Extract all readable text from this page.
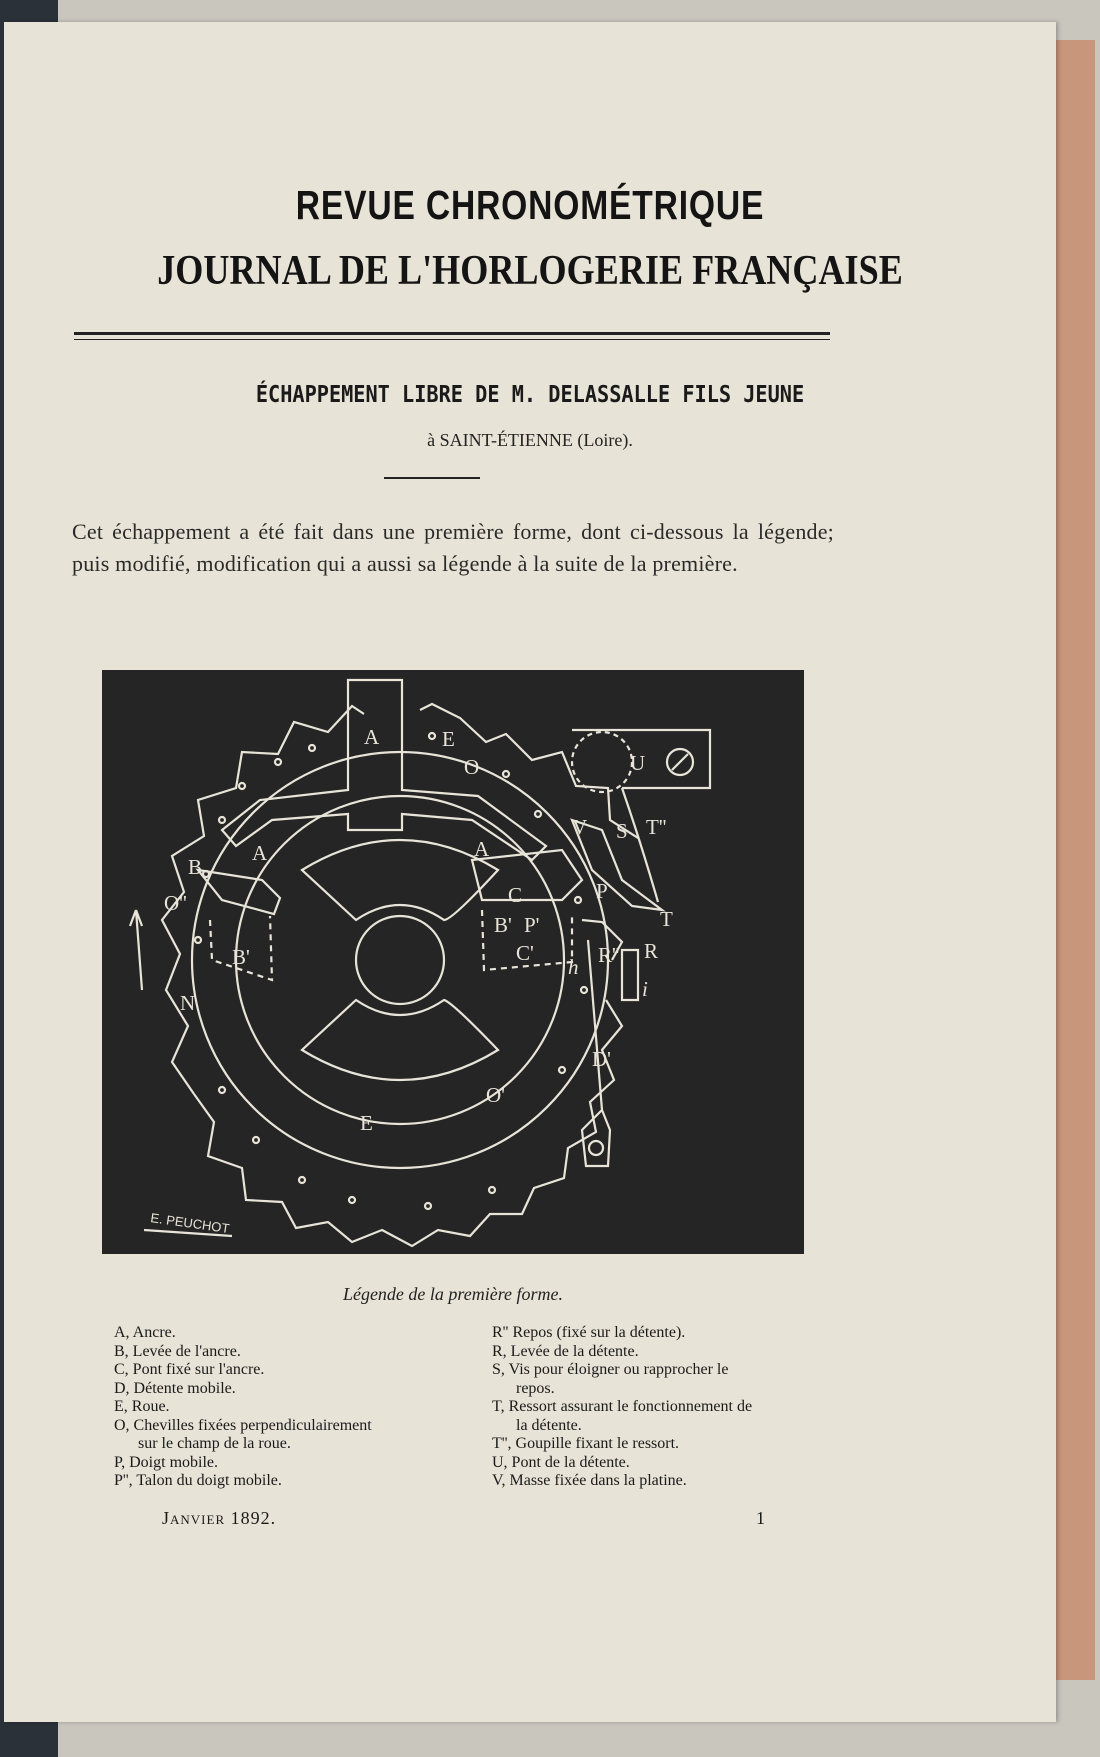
REVUE CHRONOMÉTRIQUE
JOURNAL DE L'HORLOGERIE FRANÇAISE
ÉCHAPPEMENT LIBRE DE M. DELASSALLE FILS JEUNE
à SAINT-ÉTIENNE (Loire).
Cet échappement a été fait dans une première forme, dont ci-dessous la légende; puis modifié, modification qui a aussi sa légende à la suite de la première.
A
A	A
E
E
O
O''
O'
B
B'
B'
C
C'
P
P'
R
R''
T
T''
U
V S
D'
i
h
N
E. PEUCHOT
Légende de la première forme.
A, Ancre.
B, Levée de l'ancre.
C, Pont fixé sur l'ancre.
D, Détente mobile.
E, Roue.
O, Chevilles fixées perpendiculairement
sur le champ de la roue.
P, Doigt mobile.
P'', Talon du doigt mobile.
R'' Repos (fixé sur la détente).
R, Levée de la détente.
S, Vis pour éloigner ou rapprocher le
repos.
T, Ressort assurant le fonctionnement de
la détente.
T'', Goupille fixant le ressort.
U, Pont de la détente.
V, Masse fixée dans la platine.
Janvier 1892.	1
